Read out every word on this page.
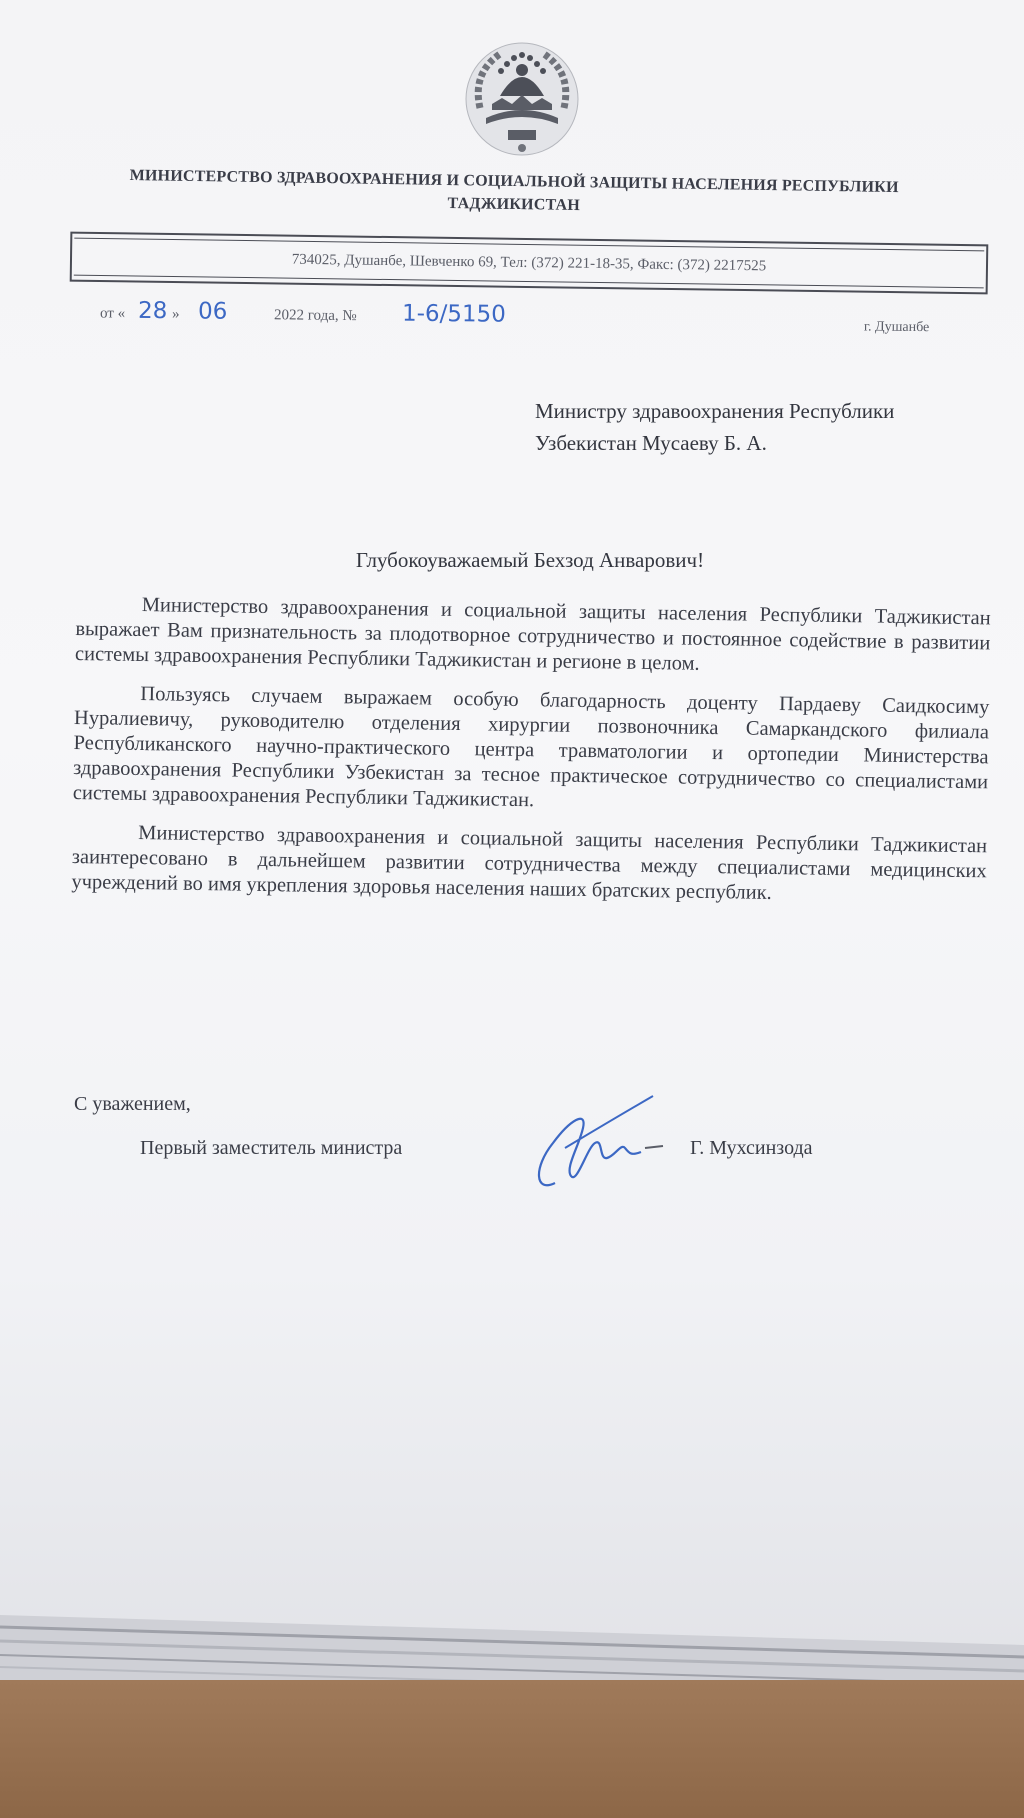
МИНИСТЕРСТВО ЗДРАВООХРАНЕНИЯ И СОЦИАЛЬНОЙ ЗАЩИТЫ НАСЕЛЕНИЯ РЕСПУБЛИКИ
ТАДЖИКИСТАН
734025, Душанбе, Шевченко 69, Тел: (372) 221-18-35, Факс: (372) 2217525
от « 28 » 06	2022 года, № 1-6/5150	г. Душанбе
Министру здравоохранения Республики
Узбекистан Мусаеву Б. А.
Глубокоуважаемый Бехзод Анварович!

Министерство здравоохранения и социальной защиты населения Республики Таджикистан выражает Вам признательность за плодотворное сотрудничество и постоянное содействие в развитии системы здравоохранения Республики Таджикистан и регионе в целом.

Пользуясь случаем выражаем особую благодарность доценту Пардаеву Саидкосиму Нуралиевичу, руководителю отделения хирургии позвоночника Самаркандского филиала Республиканского научно-практического центра травматологии и ортопедии Министерства здравоохранения Республики Узбекистан за тесное практическое сотрудничество со специалистами системы здравоохранения Республики Таджикистан.

Министерство здравоохранения и социальной защиты населения Республики Таджикистан заинтересовано в дальнейшем развитии сотрудничества между специалистами медицинских учреждений во имя укрепления здоровья населения наших братских республик.

С уважением,
Первый заместитель министра	Г. Мухсинзода
